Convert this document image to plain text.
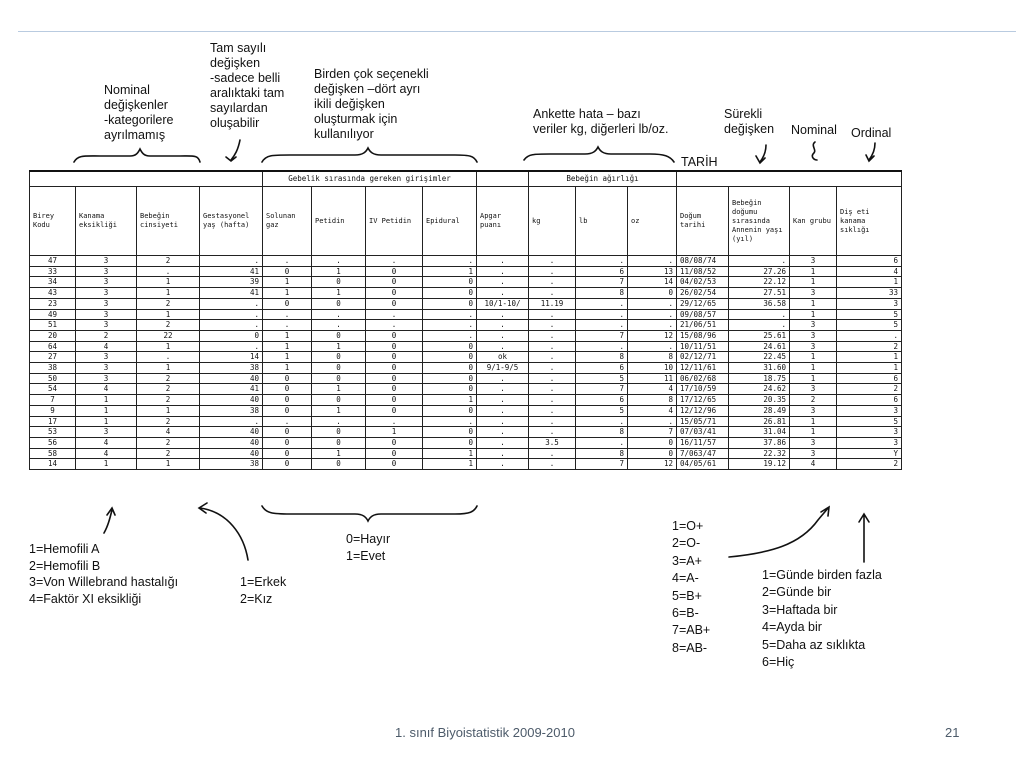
Nominal
değişkenler
-kategorilere
ayrılmamış
Tam sayılı
değişken
-sadece belli
aralıktaki tam
sayılardan
oluşabilir
Birden çok seçenekli
değişken –dört ayrı
ikili değişken
oluşturmak için
kullanılıyor
Ankette hata – bazı
veriler kg, diğerleri lb/oz.
Sürekli
değişken Nominal Ordinal
TARİH
				Gebelik sırasında gereken girişimler					Bebeğin ağırlığı						
Birey Kodu	Kanama eksikliği	Bebeğin cinsiyeti	Gestasyonel yaş (hafta)	Solunan gaz	Petidin	IV Petidin	Epidural	Apgar puanı	kg	lb	oz	Doğum tarihi	Bebeğin doğumu sırasında Annenin yaşı (yıl)	Kan grubu	Diş eti kanama sıklığı
47	3	2	.	.	.	.	.	.	.	.	.	08/08/74	.	3	6
33	3	.	41	0	1	0	1	.	.	6	13	11/08/52	27.26	1	4
34	3	1	39	1	0	0	0	.	.	7	14	04/02/53	22.12	1	1
43	3	1	41	1	1	0	0	.	.	8	0	26/02/54	27.51	3	33
23	3	2	.	0	0	0	0	10/1-10/	11.19	.	.	29/12/65	36.58	1	3
49	3	1	.	.	.	.	.	.	.	.	.	09/08/57	.	1	5
51	3	2	.	.	.	.	.	.	.	.	.	21/06/51	.	3	5
20	2	22	0	1	0	0	.	.	.	7	12	15/08/96	25.61	3	.
64	4	1	.	1	1	0	0	.	.	.	.	10/11/51	24.61	3	2
27	3	.	14	1	0	0	0	ok	.	8	8	02/12/71	22.45	1	1
38	3	1	38	1	0	0	0	9/1-9/5	.	6	10	12/11/61	31.60	1	1
50	3	2	40	0	0	0	0	.	.	5	11	06/02/68	18.75	1	6
54	4	2	41	0	1	0	0	.	.	7	4	17/10/59	24.62	3	2
7	1	2	40	0	0	0	1	.	.	6	8	17/12/65	20.35	2	6
9	1	1	38	0	1	0	0	.	.	5	4	12/12/96	28.49	3	3
17	1	2	.	.	.	.	.	.	.	.	.	15/05/71	26.81	1	5
53	3	4	40	0	0	1	0	.	.	8	7	07/03/41	31.04	1	3
56	4	2	40	0	0	0	0	.	3.5	.	0	16/11/57	37.86	3	3
58	4	2	40	0	1	0	1	.	.	8	0	7/063/47	22.32	3	Y
14	1	1	38	0	0	0	1	.	.	7	12	04/05/61	19.12	4	2
1=Hemofili A
2=Hemofili B
3=Von Willebrand hastalığı
4=Faktör XI eksikliği
1=Erkek
2=Kız
0=Hayır
1=Evet
1=O+
2=O-
3=A+
4=A-
5=B+
6=B-
7=AB+
8=AB-
1=Günde birden fazla
2=Günde bir
3=Haftada bir
4=Ayda bir
5=Daha az sıklıkta
6=Hiç
1. sınıf Biyoistatistik 2009-2010	21
